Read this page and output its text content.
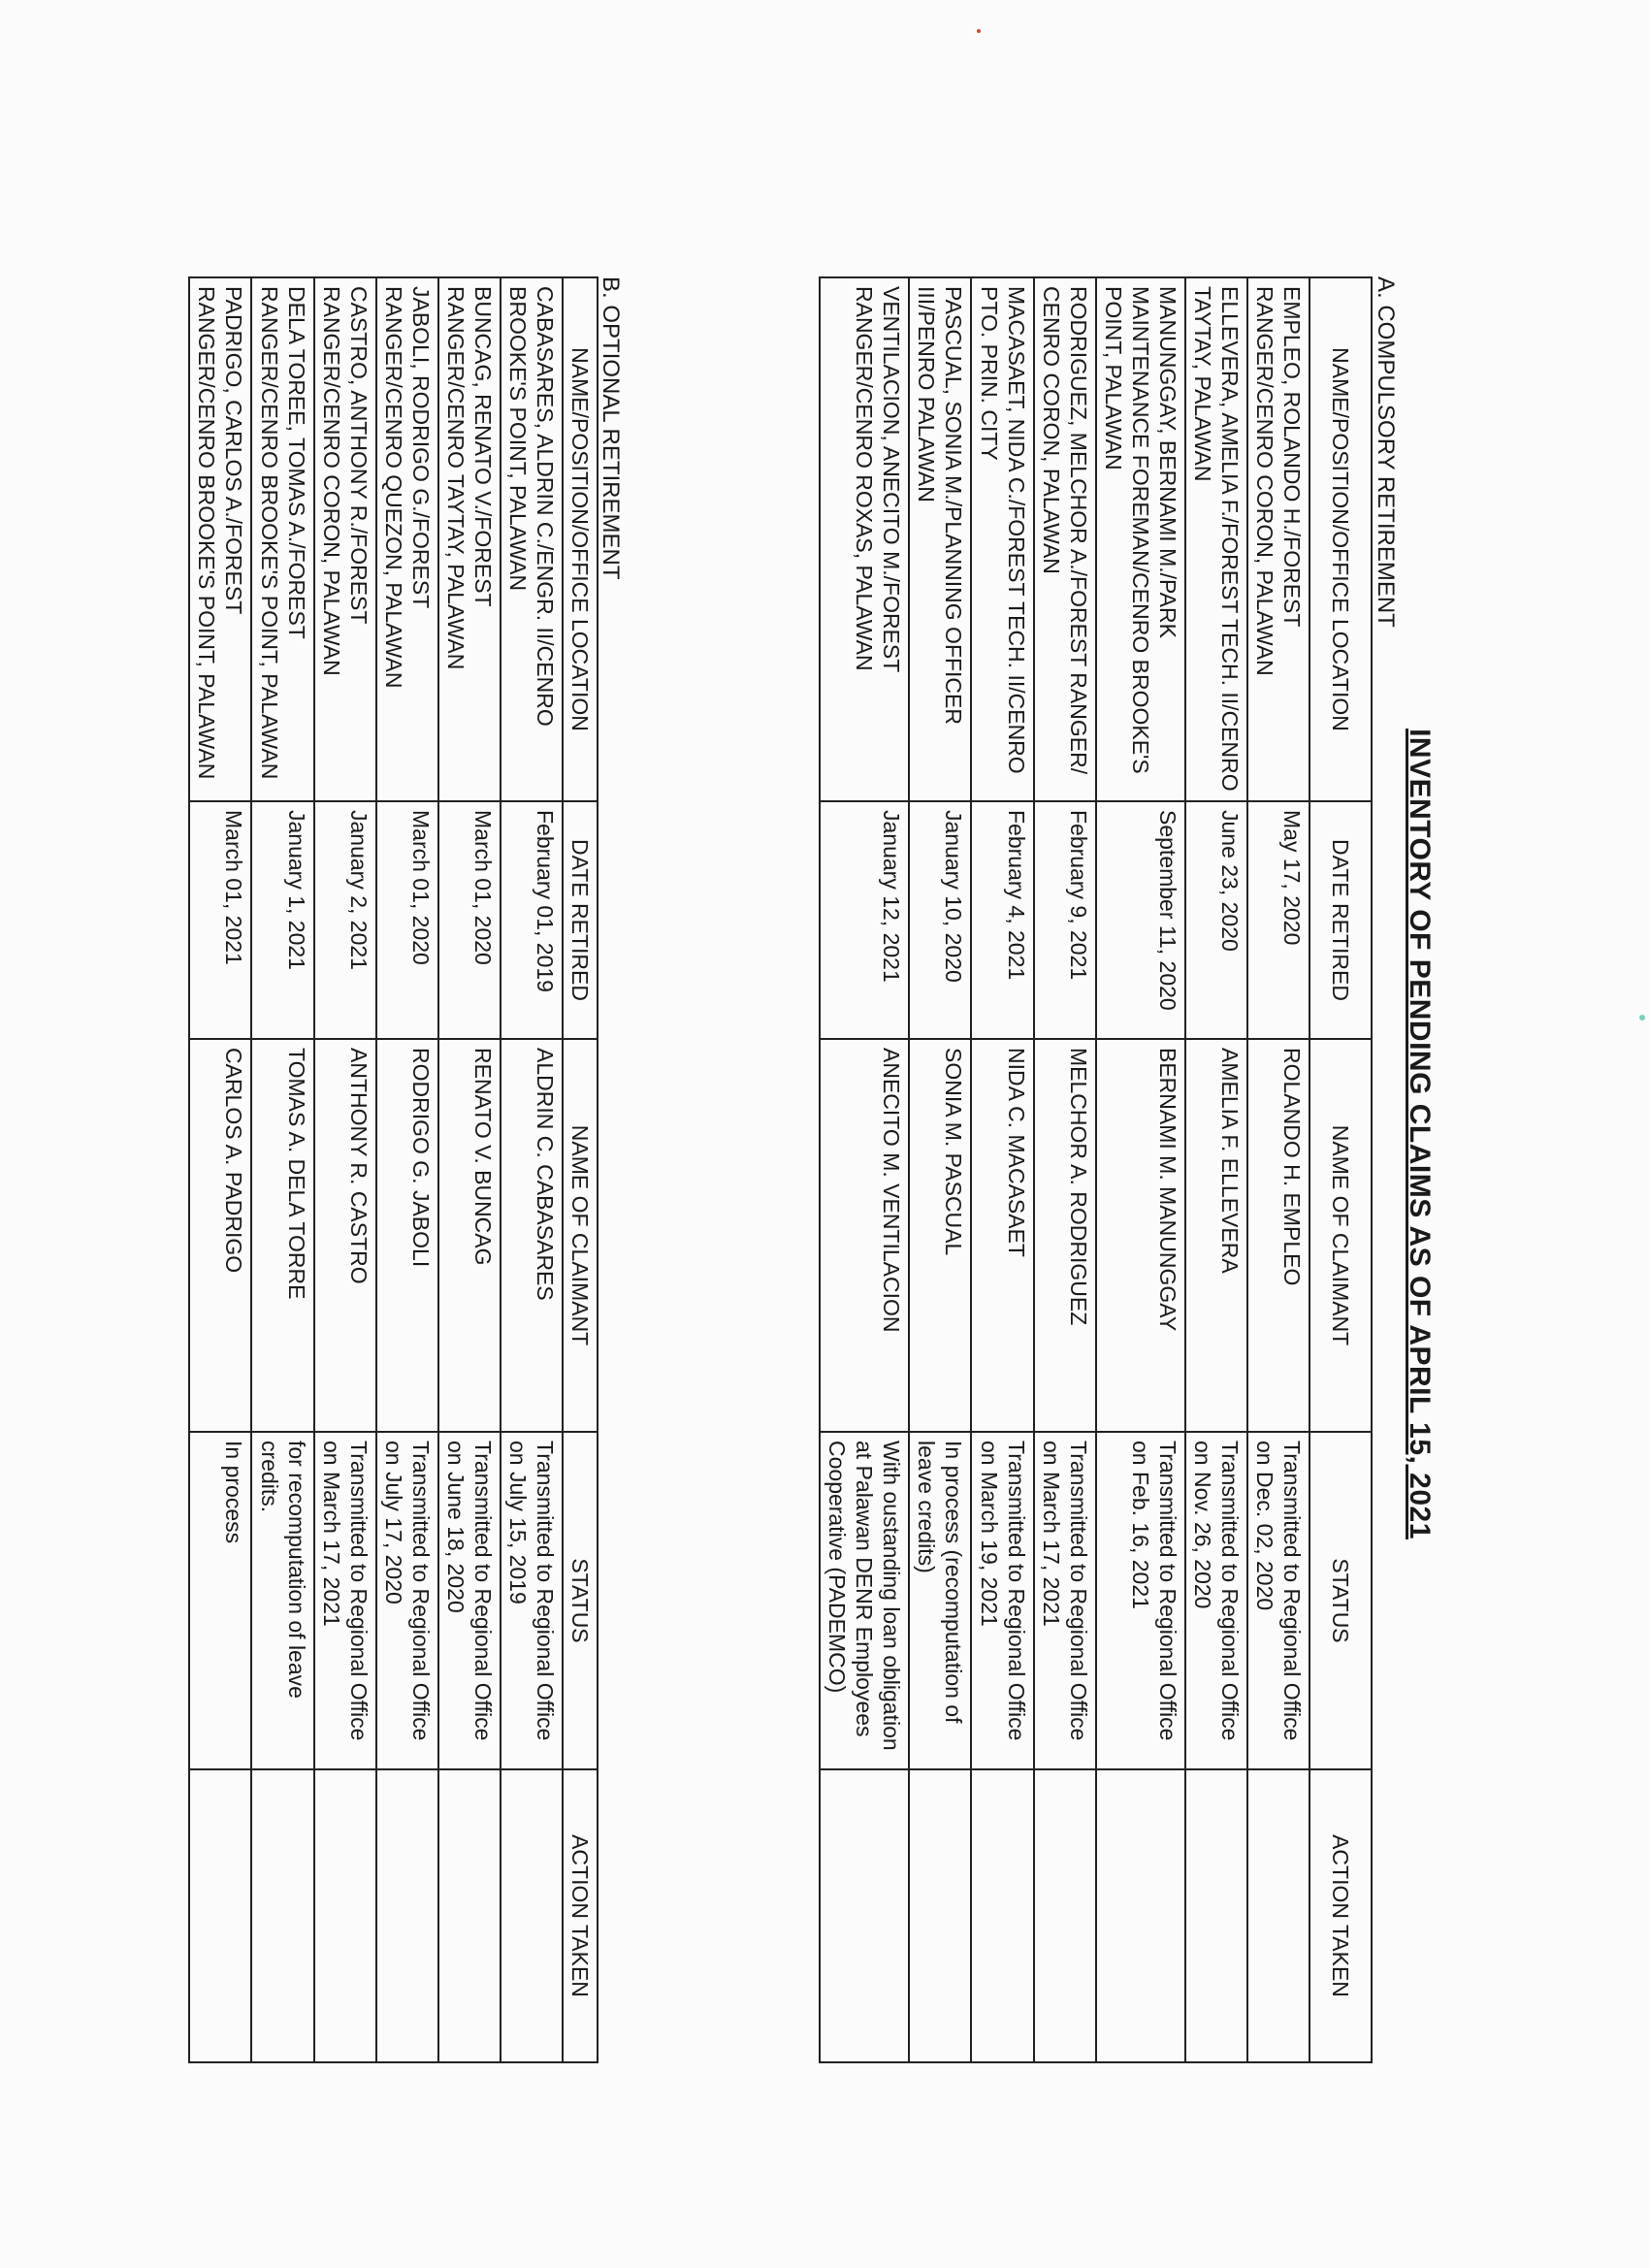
INVENTORY OF PENDING CLAIMS AS OF APRIL 15, 2021
A. COMPULSORY RETIREMENT
NAME/POSITION/OFFICE LOCATION	DATE RETIRED	NAME OF CLAIMANT	STATUS	ACTION TAKEN
EMPLEO, ROLANDO H./FOREST RANGER/CENRO CORON, PALAWAN	May 17, 2020	ROLANDO H. EMPLEO	Transmitted to Regional Office on Dec. 02, 2020	
ELLEVERA, AMELIA F./FOREST TECH. II/CENRO TAYTAY, PALAWAN	June 23, 2020	AMELIA F. ELLEVERA	Transmitted to Regional Office on Nov. 26, 2020	
MANUNGGAY, BERNAMI M./PARK MAINTENANCE FOREMAN/CENRO BROOKE'S POINT, PALAWAN	September 11, 2020	BERNAMI M. MANUNGGAY	Transmitted to Regional Office on Feb. 16, 2021	
RODRIGUEZ, MELCHOR A./FOREST RANGER/ CENRO CORON, PALAWAN	February 9, 2021	MELCHOR A. RODRIGUEZ	Transmitted to Regional Office on March 17, 2021	
MACASAET, NIDA C./FOREST TECH. II/CENRO PTO. PRIN. CITY	February 4, 2021	NIDA C. MACASAET	Transmitted to Regional Office on March 19, 2021	
PASCUAL, SONIA M./PLANNING OFFICER III/PENRO PALAWAN	January 10, 2020	SONIA M. PASCUAL	In process (recomputation of leave credits)	
VENTILACION, ANECITO M./FOREST RANGER/CENRO ROXAS, PALAWAN	January 12, 2021	ANECITO M. VENTILACION	With oustanding loan obligation at Palawan DENR Employees Cooperative (PADEMCO)	
B. OPTIONAL RETIREMENT
NAME/POSITION/OFFICE LOCATION	DATE RETIRED	NAME OF CLAIMANT	STATUS	ACTION TAKEN
CABASARES, ALDRIN C./ENGR. II/CENRO BROOKE'S POINT, PALAWAN	February 01, 2019	ALDRIN C. CABASARES	Transmitted to Regional Office on July 15, 2019	
BUNCAG, RENATO V./FOREST RANGER/CENRO TAYTAY, PALAWAN	March 01, 2020	RENATO V. BUNCAG	Transmitted to Regional Office on June 18, 2020	
JABOLI, RODRIGO G./FOREST RANGER/CENRO QUEZON, PALAWAN	March 01, 2020	RODRIGO G. JABOLI	Transmitted to Regional Office on July 17, 2020	
CASTRO, ANTHONY R./FOREST RANGER/CENRO CORON, PALAWAN	January 2, 2021	ANTHONY R. CASTRO	Transmitted to Regional Office on March 17, 2021	
DELA TOREE, TOMAS A./FOREST RANGER/CENRO BROOKE'S POINT, PALAWAN	January 1, 2021	TOMAS A. DELA TORRE	for recomputation of leave credits.	
PADRIGO, CARLOS A./FOREST RANGER/CENRO BROOKE'S POINT, PALAWAN	March 01, 2021	CARLOS A. PADRIGO	In process	
